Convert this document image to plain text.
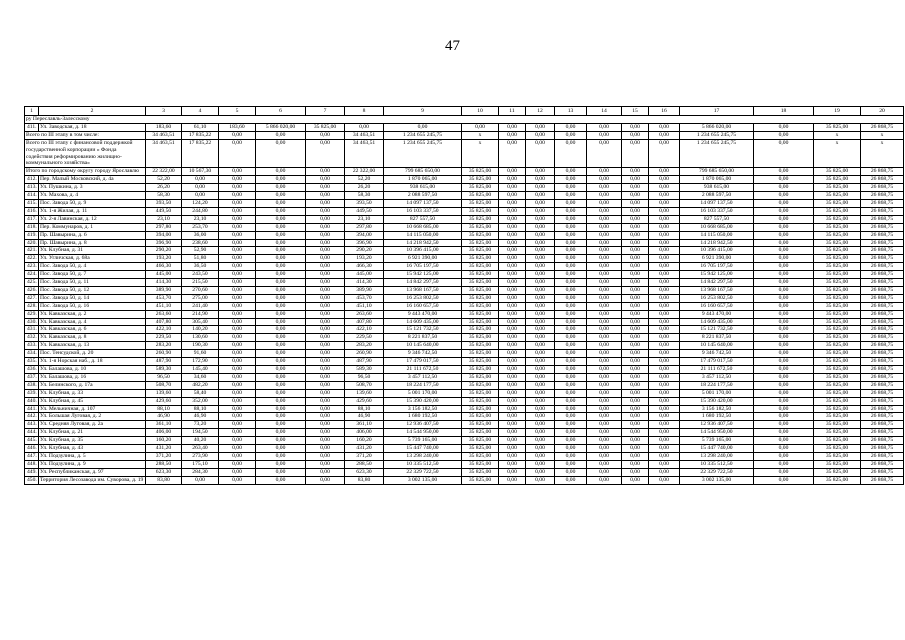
47
1	2	3	4	5	6	7	8	9	10	11	12	13	14	15	16	17	18	19	20
ру Переславль-Залесскому																			
411.	Ул. Заводская, д. 18	183,60	61,10	183,60	5 866 020,00	35 825,00	0,00	0,00	0,00	0,00	0,00	0,00	0,00	0,00	0,00	5 866 020,00	0,00	35 825,00	26 868,75
Всего по III этапу в том числе:		34 463,51	17 835,22	0,00	0,00	0,00	34 463,51	1 234 655 245,75	х	0,00	0,00	0,00	0,00	0,00	0,00	1 234 655 245,75	0,00	х	х
Всего по III этапу с финансовой поддержкой государственной корпорации « Фонда содействия реформированию жилищно-коммунального хозяйства»		34 463,51	17 835,22	0,00	0,00	0,00	34 463,51	1 234 655 245,75	х	0,00	0,00	0,00	0,00	0,00	0,00	1 234 655 245,75	0,00	х	х
Итого по городскому округу городу Ярославлю		22 322,00	10 567,30	0,00	0,00	0,00	22 322,00	799 685 650,00	35 825,00	0,00	0,00	0,00	0,00	0,00	0,00	799 685 650,00	0,00	35 825,00	26 868,75
412.	Пер. Малый Московский, д. 4а	52,20	0,00	0,00	0,00	0,00	52,20	1 870 065,00	35 825,00	0,00	0,00	0,00	0,00	0,00	0,00	1 870 065,00	0,00	35 825,00	26 868,75
413.	Ул. Пушкина, д. 3	26,20	0,00	0,00	0,00	0,00	26,20	938 615,00	35 825,00	0,00	0,00	0,00	0,00	0,00	0,00	938 615,00	0,00	35 825,00	26 868,75
414.	Ул. Махова, д. 4	58,30	0,00	0,00	0,00	0,00	58,30	2 088 597,50	35 825,00	0,00	0,00	0,00	0,00	0,00	0,00	2 088 597,50	0,00	35 825,00	26 868,75
415.	Пос. Завода 50, д. 9	393,50	124,20	0,00	0,00	0,00	393,50	14 097 137,50	35 825,00	0,00	0,00	0,00	0,00	0,00	0,00	14 097 137,50	0,00	35 825,00	26 868,75
416.	Ул. 1-я Жилая, д. 11	449,50	244,80	0,00	0,00	0,00	449,50	16 103 337,50	35 825,00	0,00	0,00	0,00	0,00	0,00	0,00	16 103 337,50	0,00	35 825,00	26 868,75
417.	Ул. 2-я Лавинская, д. 12	23,10	23,10	0,00	0,00	0,00	23,10	827 557,50	35 825,00	0,00	0,00	0,00	0,00	0,00	0,00	827 557,50	0,00	35 825,00	26 868,75
418.	Пер. Коммунаров, д. 1	297,80	253,70	0,00	0,00	0,00	297,80	10 668 685,00	35 825,00	0,00	0,00	0,00	0,00	0,00	0,00	10 668 685,00	0,00	35 825,00	26 868,75
419.	Пр. Шавырина, д. 6	394,00	36,00	0,00	0,00	0,00	394,00	14 115 050,00	35 825,00	0,00	0,00	0,00	0,00	0,00	0,00	14 115 050,00	0,00	35 825,00	26 868,75
420.	Пр. Шавырина, д. 8	396,90	238,60	0,00	0,00	0,00	396,90	14 218 942,50	35 825,00	0,00	0,00	0,00	0,00	0,00	0,00	14 218 942,50	0,00	35 825,00	26 868,75
421.	Ул. Клубная, д. 31	290,20	52,90	0,00	0,00	0,00	290,20	10 396 415,00	35 825,00	0,00	0,00	0,00	0,00	0,00	0,00	10 396 415,00	0,00	35 825,00	26 868,75
422.	Ул. Угличская, д. 68а	193,20	51,80	0,00	0,00	0,00	193,20	6 921 390,00	35 825,00	0,00	0,00	0,00	0,00	0,00	0,00	6 921 390,00	0,00	35 825,00	26 868,75
423.	Пос. Завода 50, д. 4	466,30	36,50	0,00	0,00	0,00	466,30	16 705 197,50	35 825,00	0,00	0,00	0,00	0,00	0,00	0,00	16 705 197,50	0,00	35 825,00	26 868,75
424.	Пос. Завода 50, д. 7	445,00	243,50	0,00	0,00	0,00	445,00	15 942 125,00	35 825,00	0,00	0,00	0,00	0,00	0,00	0,00	15 942 125,00	0,00	35 825,00	26 868,75
425.	Пос. Завода 50, д. 11	414,30	215,50	0,00	0,00	0,00	414,30	14 842 297,50	35 825,00	0,00	0,00	0,00	0,00	0,00	0,00	14 842 297,50	0,00	35 825,00	26 868,75
426.	Пос. Завода 50, д. 12	389,90	270,60	0,00	0,00	0,00	389,90	13 968 167,50	35 825,00	0,00	0,00	0,00	0,00	0,00	0,00	13 968 167,50	0,00	35 825,00	26 868,75
427.	Пос. Завода 50, д. 14	453,70	275,00	0,00	0,00	0,00	453,70	16 253 802,50	35 825,00	0,00	0,00	0,00	0,00	0,00	0,00	16 253 802,50	0,00	35 825,00	26 868,75
428.	Пос. Завода 50, д. 16	451,10	241,40	0,00	0,00	0,00	451,10	16 160 657,50	35 825,00	0,00	0,00	0,00	0,00	0,00	0,00	16 160 657,50	0,00	35 825,00	26 868,75
429.	Ул. Кавказская, д. 2	263,60	214,90	0,00	0,00	0,00	263,60	9 443 470,00	35 825,00	0,00	0,00	0,00	0,00	0,00	0,00	9 443 470,00	0,00	35 825,00	26 868,75
430.	Ул. Кавказская, д. 4	407,80	305,40	0,00	0,00	0,00	407,80	14 609 435,00	35 825,00	0,00	0,00	0,00	0,00	0,00	0,00	14 609 435,00	0,00	35 825,00	26 868,75
431.	Ул. Кавказская, д. 6	422,10	140,20	0,00	0,00	0,00	422,10	15 121 732,50	35 825,00	0,00	0,00	0,00	0,00	0,00	0,00	15 121 732,50	0,00	35 825,00	26 868,75
432.	Ул. Кавказская, д. 8	229,50	130,60	0,00	0,00	0,00	229,50	8 221 837,50	35 825,00	0,00	0,00	0,00	0,00	0,00	0,00	8 221 837,50	0,00	35 825,00	26 868,75
433.	Ул. Кавказская, д. 13	283,20	190,30	0,00	0,00	0,00	283,20	10 145 640,00	35 825,00	0,00	0,00	0,00	0,00	0,00	0,00	10 145 640,00	0,00	35 825,00	26 868,75
434.	Пос. Тенсудской, д. 20	260,90	91,60	0,00	0,00	0,00	260,90	9 346 742,50	35 825,00	0,00	0,00	0,00	0,00	0,00	0,00	9 346 742,50	0,00	35 825,00	26 868,75
435.	Ул. 1-я Норская наб., д. 18	487,90	172,90	0,00	0,00	0,00	487,90	17 479 017,50	35 825,00	0,00	0,00	0,00	0,00	0,00	0,00	17 479 017,50	0,00	35 825,00	26 868,75
436.	Ул. Балашова, д. 10	589,30	145,40	0,00	0,00	0,00	589,30	21 111 672,50	35 825,00	0,00	0,00	0,00	0,00	0,00	0,00	21 111 672,50	0,00	35 825,00	26 868,75
437.	Ул. Балашова, д. 16	96,50	34,60	0,00	0,00	0,00	96,50	3 457 112,50	35 825,00	0,00	0,00	0,00	0,00	0,00	0,00	3 457 112,50	0,00	35 825,00	26 868,75
438.	Ул. Белинского, д. 17а	508,70	482,20	0,00	0,00	0,00	508,70	18 224 177,50	35 825,00	0,00	0,00	0,00	0,00	0,00	0,00	18 224 177,50	0,00	35 825,00	26 868,75
439.	Ул. Клубная, д. 33	139,60	58,40	0,00	0,00	0,00	139,60	5 001 170,00	35 825,00	0,00	0,00	0,00	0,00	0,00	0,00	5 001 170,00	0,00	35 825,00	26 868,75
440.	Ул. Клубная, д. 45	429,60	352,00	0,00	0,00	0,00	429,60	15 390 420,00	35 825,00	0,00	0,00	0,00	0,00	0,00	0,00	15 390 420,00	0,00	35 825,00	26 868,75
441.	Ул. Мельничная, д. 107	88,10	88,10	0,00	0,00	0,00	88,10	3 156 182,50	35 825,00	0,00	0,00	0,00	0,00	0,00	0,00	3 156 182,50	0,00	35 825,00	26 868,75
442.	Ул. Большая Луговая, д. 2	46,90	46,90	0,00	0,00	0,00	46,90	1 680 192,50	35 825,00	0,00	0,00	0,00	0,00	0,00	0,00	1 680 192,50	0,00	35 825,00	26 868,75
443.	Ул. Средняя Луговая, д. 2а	361,10	73,20	0,00	0,00	0,00	361,10	12 936 407,50	35 825,00	0,00	0,00	0,00	0,00	0,00	0,00	12 936 407,50	0,00	35 825,00	26 868,75
444.	Ул. Клубная, д. 21	406,00	194,50	0,00	0,00	0,00	406,00	14 544 950,00	35 825,00	0,00	0,00	0,00	0,00	0,00	0,00	14 544 950,00	0,00	35 825,00	26 868,75
445.	Ул. Клубная, д. 35	160,20	40,20	0,00	0,00	0,00	160,20	5 739 165,00	35 825,00	0,00	0,00	0,00	0,00	0,00	0,00	5 739 165,00	0,00	35 825,00	26 868,75
446.	Ул. Клубная, д. 43	431,20	263,40	0,00	0,00	0,00	431,20	15 447 740,00	35 825,00	0,00	0,00	0,00	0,00	0,00	0,00	15 447 740,00	0,00	35 825,00	26 868,75
447.	Ул. Подзулина, д. 5	371,20	273,90	0,00	0,00	0,00	371,20	13 298 240,00	35 825,00	0,00	0,00	0,00	0,00	0,00	0,00	13 298 240,00	0,00	35 825,00	26 868,75
448.	Ул. Подзулина, д. 9	288,50	175,10	0,00	0,00	0,00	288,50	10 335 512,50	35 825,00	0,00	0,00	0,00	0,00	0,00	0,00	10 335 512,50	0,00	35 825,00	26 868,75
449.	Ул. Республиканская, д. 97	623,30	284,30	0,00	0,00	0,00	623,30	22 329 722,50	35 825,00	0,00	0,00	0,00	0,00	0,00	0,00	22 329 722,50	0,00	35 825,00	26 868,75
450.	Территория Лесозавода им. Суворова, д. 19	83,80	0,00	0,00	0,00	0,00	83,80	3 002 135,00	35 825,00	0,00	0,00	0,00	0,00	0,00	0,00	3 002 135,00	0,00	35 825,00	26 868,75
